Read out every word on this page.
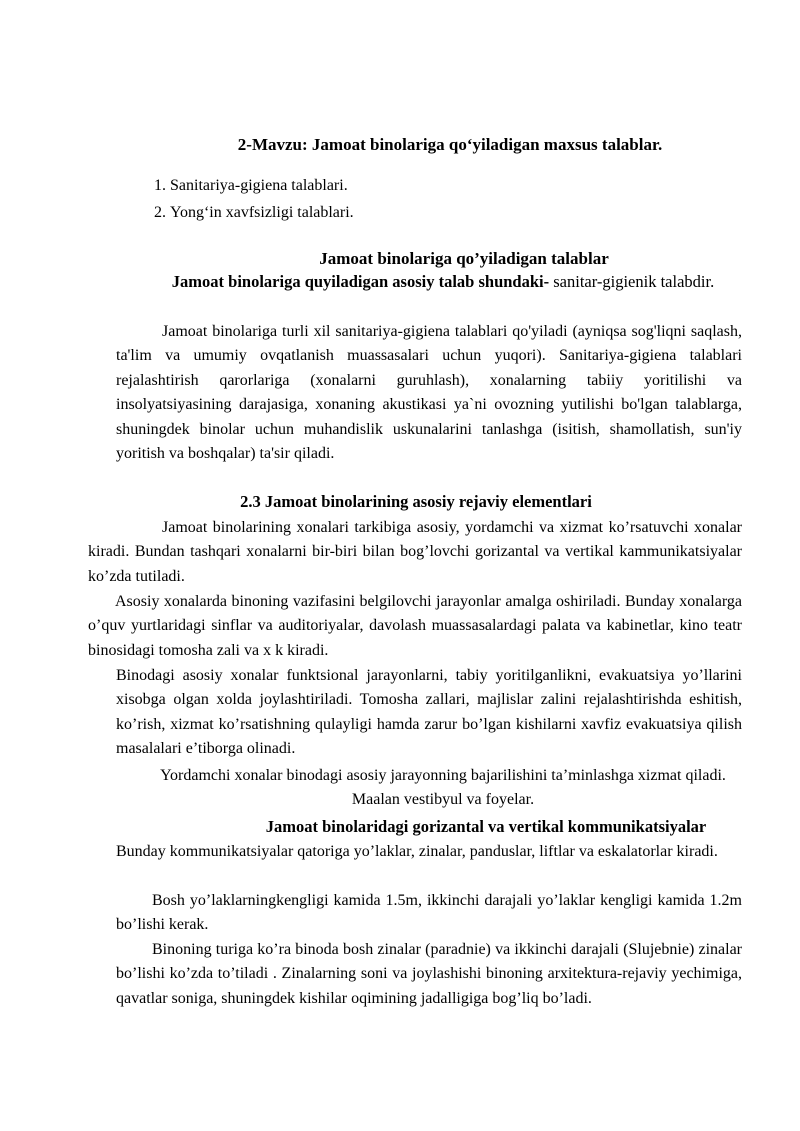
2-Mavzu: Jamoat binolariga qo‘yiladigan maxsus talablar.
1. Sanitariya-gigiena talablari.
2. Yong‘in xavfsizligi talablari.
Jamoat binolariga qo’yiladigan talablar

Jamoat binolariga quyiladigan asosiy talab shundaki- sanitar-gigienik talabdir.

Jamoat binolariga turli xil sanitariya-gigiena talablari qo'yiladi (ayniqsa sog'liqni saqlash, ta'lim va umumiy ovqatlanish muassasalari uchun yuqori). Sanitariya-gigiena talablari rejalashtirish qarorlariga (xonalarni guruhlash), xonalarning tabiiy yoritilishi va insolyatsiyasining darajasiga, xonaning akustikasi ya`ni ovozning yutilishi bo'lgan talablarga, shuningdek binolar uchun muhandislik uskunalarini tanlashga (isitish, shamollatish, sun'iy yoritish va boshqalar) ta'sir qiladi.

2.3 Jamoat binolarining asosiy rejaviy elementlari

Jamoat binolarining xonalari tarkibiga asosiy, yordamchi va xizmat ko’rsatuvchi xonalar kiradi. Bundan tashqari xonalarni bir-biri bilan bog’lovchi gorizantal va vertikal kammunikatsiyalar ko’zda tutiladi.

Asosiy xonalarda binoning vazifasini belgilovchi jarayonlar amalga oshiriladi. Bunday xonalarga o’quv yurtlaridagi sinflar va auditoriyalar, davolash muassasalardagi palata va kabinetlar, kino teatr binosidagi tomosha zali va x k kiradi.

Binodagi asosiy xonalar funktsional jarayonlarni, tabiy yoritilganlikni, evakuatsiya yo’llarini xisobga olgan xolda joylashtiriladi. Tomosha zallari, majlislar zalini rejalashtirishda eshitish, ko’rish, xizmat ko’rsatishning qulayligi hamda zarur bo’lgan kishilarni xavfiz evakuatsiya qilish masalalari e’tiborga olinadi.

Yordamchi xonalar binodagi asosiy jarayonning bajarilishini ta’minlashga xizmat qiladi. Maalan vestibyul va foyelar.

Jamoat binolaridagi gorizantal va vertikal kommunikatsiyalar

Bunday kommunikatsiyalar qatoriga yo’laklar, zinalar, panduslar, liftlar va eskalatorlar kiradi.

Bosh yo’laklarningkengligi kamida 1.5m, ikkinchi darajali yo’laklar kengligi kamida 1.2m bo’lishi kerak.

Binoning turiga ko’ra binoda bosh zinalar (paradnie) va ikkinchi darajali (Slujebnie) zinalar bo’lishi ko’zda to’tiladi . Zinalarning soni va joylashishi binoning arxitektura-rejaviy yechimiga, qavatlar soniga, shuningdek kishilar oqimining jadalligiga bog’liq bo’ladi.
